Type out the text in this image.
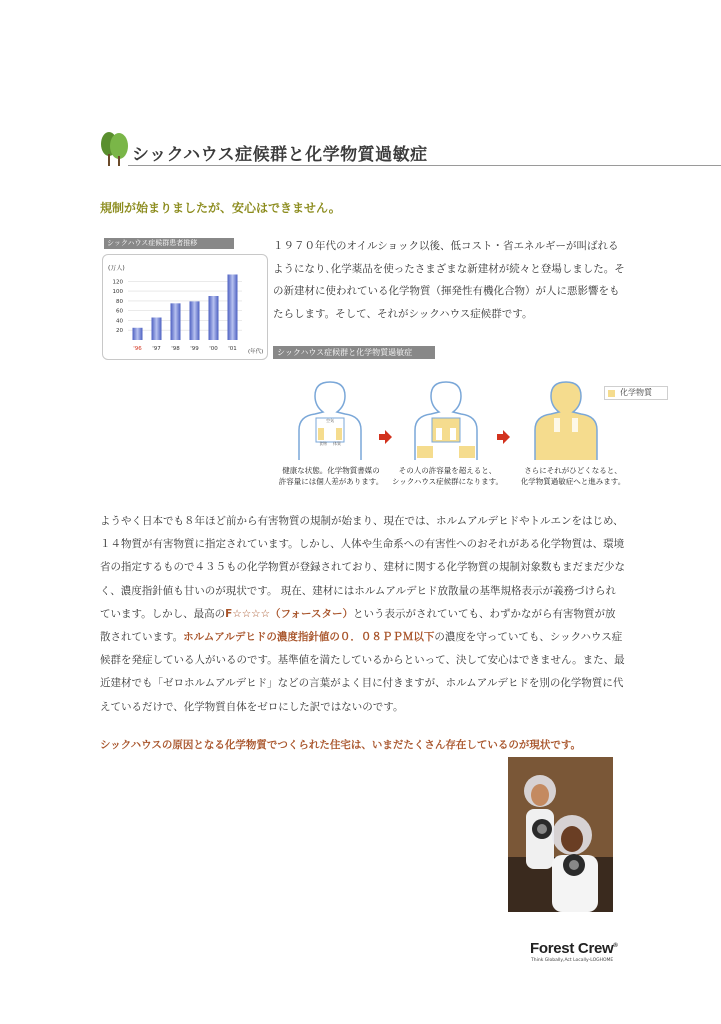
シックハウス症候群と化学物質過敏症
規制が始まりましたが、安心はできません。
シックハウス症候群患者推移
(万人)
(年代)
20
40
60
80
100
120
'96 '97 '98 '99 '00 '01
１９７０年代のオイルショック以後、低コスト・省エネルギーが叫ばれるようになり､化学薬品を使ったさまざまな新建材が続々と登場しました。その新建材に使われている化学物質（揮発性有機化合物）が人に悪影響をもたらします。そして、それがシックハウス症候群です。
シックハウス症候群と化学物質過敏症
空気
食物 体質
健康な状態。化学物質書媒の
許容量には個人差があります。
その人の許容量を超えると、
シックハウス症候群になります。
さらにそれがひどくなると、
化学物質過敏症へと進みます。
化学物質
ようやく日本でも８年ほど前から有害物質の規制が始まり、現在では、ホルムアルデヒドやトルエンをはじめ、１４物質が有害物質に指定されています。しかし、人体や生命系への有害性へのおそれがある化学物質は、環境省の指定するもので４３５もの化学物質が登録されており、建材に関する化学物質の規制対象数もまだまだ少なく、濃度指針値も甘いのが現状です。 現在、建材にはホルムアルデヒド放散量の基準規格表示が義務づけられています。しかし、最高のF☆☆☆☆（フォースター）という表示がされていても、わずかながら有害物質が放散されています。ホルムアルデヒドの濃度指針値の０．０８ＰＰＭ以下の濃度を守っていても、シックハウス症候群を発症している人がいるのです。基準値を満たしているからといって、決して安心はできません。また、最近建材でも「ゼロホルムアルデヒド」などの言葉がよく目に付きますが、ホルムアルデヒドを別の化学物質に代えているだけで、化学物質自体をゼロにした訳ではないのです。
シックハウスの原因となる化学物質でつくられた住宅は、いまだたくさん存在しているのが現状です。
Forest Crew®
Think Globally,Act Locally-LOGHOME
